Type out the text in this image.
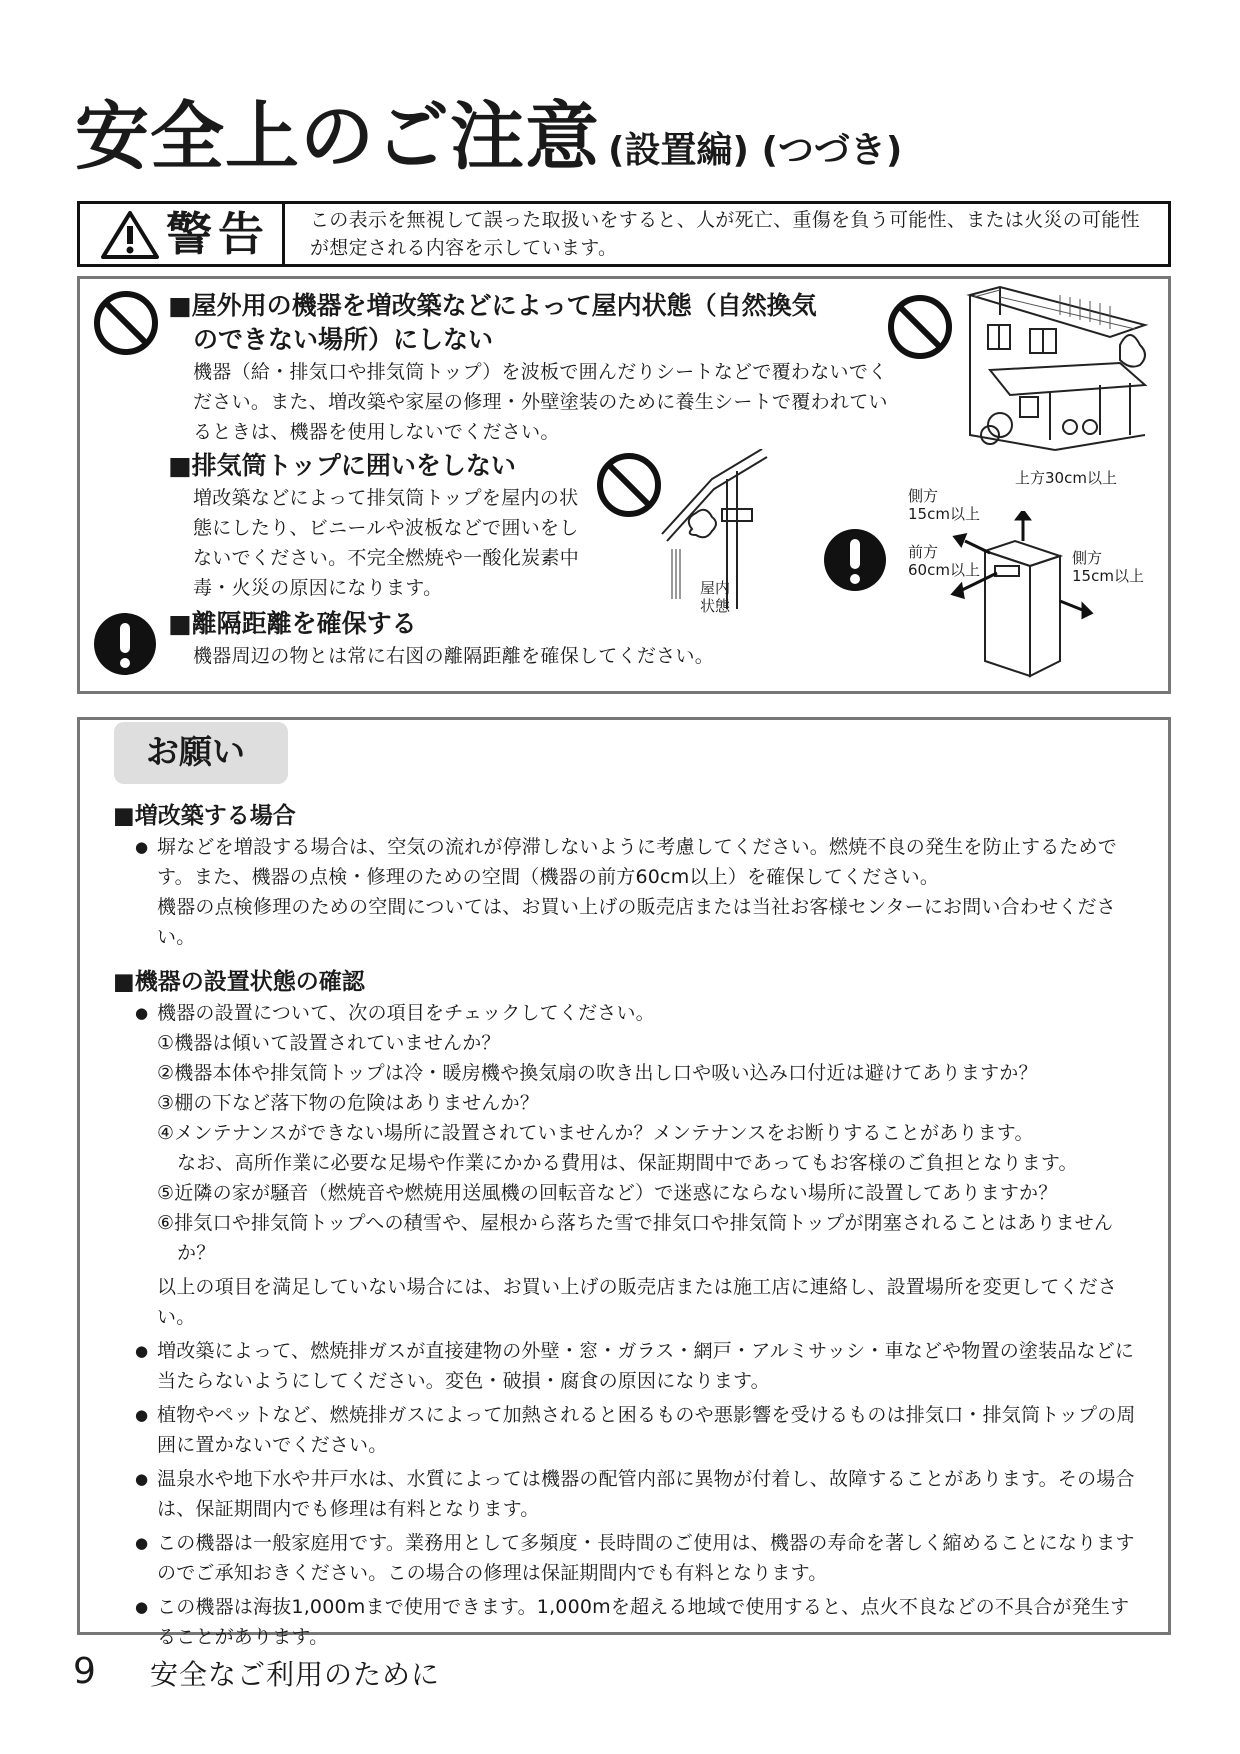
安全上のご注意 (設置編) (つづき)
警告 この表示を無視して誤った取扱いをすると、人が死亡、重傷を負う可能性、または火災の可能性が想定される内容を示しています。
■屋外用の機器を増改築などによって屋内状態（自然換気
のできない場所）にしない
機器（給・排気口や排気筒トップ）を波板で囲んだりシートなどで覆わないでください。また、増改築や家屋の修理・外壁塗装のために養生シートで覆われているときは、機器を使用しないでください。
■排気筒トップに囲いをしない
増改築などによって排気筒トップを屋内の状態にしたり、ビニールや波板などで囲いをしないでください。不完全燃焼や一酸化炭素中毒・火災の原因になります。	屋内状態
上方30cm以上
側方
15cm以上
前方
60cm以上
側方
15cm以上
■離隔距離を確保する
機器周辺の物とは常に右図の離隔距離を確保してください。
お願い
■増改築する場合
● 塀などを増設する場合は、空気の流れが停滞しないように考慮してください。燃焼不良の発生を防止するためです。また、機器の点検・修理のための空間（機器の前方60cm以上）を確保してください。
機器の点検修理のための空間については、お買い上げの販売店または当社お客様センターにお問い合わせください。
■機器の設置状態の確認
● 機器の設置について、次の項目をチェックしてください。
①機器は傾いて設置されていませんか？
②機器本体や排気筒トップは冷・暖房機や換気扇の吹き出し口や吸い込み口付近は避けてありますか？
③棚の下など落下物の危険はありませんか？
④メンテナンスができない場所に設置されていませんか？メンテナンスをお断りすることがあります。
なお、高所作業に必要な足場や作業にかかる費用は、保証期間中であってもお客様のご負担となります。
⑤近隣の家が騒音（燃焼音や燃焼用送風機の回転音など）で迷惑にならない場所に設置してありますか？
⑥排気口や排気筒トップへの積雪や、屋根から落ちた雪で排気口や排気筒トップが閉塞されることはありませんか？
以上の項目を満足していない場合には、お買い上げの販売店または施工店に連絡し、設置場所を変更してください。
● 増改築によって、燃焼排ガスが直接建物の外壁・窓・ガラス・網戸・アルミサッシ・車などや物置の塗装品などに当たらないようにしてください。変色・破損・腐食の原因になります。
● 植物やペットなど、燃焼排ガスによって加熱されると困るものや悪影響を受けるものは排気口・排気筒トップの周囲に置かないでください。
● 温泉水や地下水や井戸水は、水質によっては機器の配管内部に異物が付着し、故障することがあります。その場合は、保証期間内でも修理は有料となります。
● この機器は一般家庭用です。業務用として多頻度・長時間のご使用は、機器の寿命を著しく縮めることになりますのでご承知おきください。この場合の修理は保証期間内でも有料となります。
● この機器は海抜1,000mまで使用できます。1,000mを超える地域で使用すると、点火不良などの不具合が発生することがあります。
9 安全なご利用のために
